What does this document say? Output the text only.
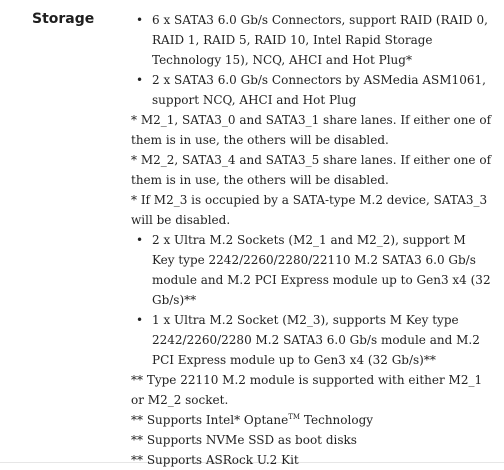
Storage
•	6 x SATA3 6.0 Gb/s Connectors, support RAID (RAID 0, RAID 1, RAID 5, RAID 10, Intel Rapid Storage Technology 15), NCQ, AHCI and Hot Plug*
• 2 x SATA3 6.0 Gb/s Connectors by ASMedia ASM1061, support NCQ, AHCI and Hot Plug

* M2_1, SATA3_0 and SATA3_1 share lanes. If either one of them is in use, the others will be disabled.

* M2_2, SATA3_4 and SATA3_5 share lanes. If either one of them is in use, the others will be disabled.

* If M2_3 is occupied by a SATA-type M.2 device, SATA3_3 will be disabled.

• 2 x Ultra M.2 Sockets (M2_1 and M2_2), support M Key type 2242/2260/2280/22110 M.2 SATA3 6.0 Gb/s module and M.2 PCI Express module up to Gen3 x4 (32 Gb/s)**
• 1 x Ultra M.2 Socket (M2_3), supports M Key type 2242/2260/2280 M.2 SATA3 6.0 Gb/s module and M.2 PCI Express module up to Gen3 x4 (32 Gb/s)**

** Type 22110 M.2 module is supported with either M2_1 or M2_2 socket.

** Supports Intel* Optane™ Technology

** Supports NVMe SSD as boot disks

** Supports ASRock U.2 Kit
